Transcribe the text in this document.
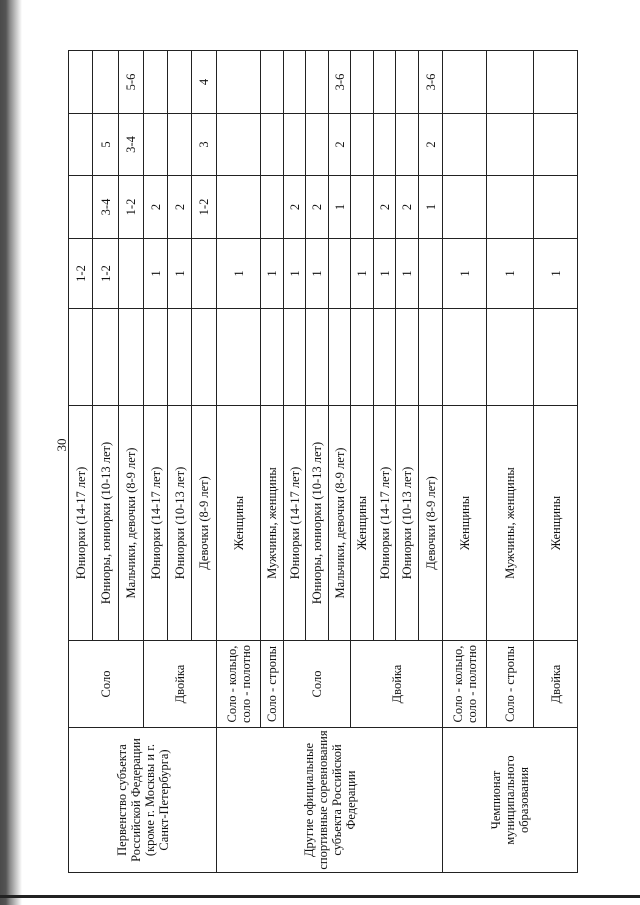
30
Первенство субъекта Российской Федерации (кроме г. Москвы и г. Санкт-Петербурга)	Соло	Юниорки (14-17 лет)		1-2			
		Юниоры, юниорки (10-13 лет)		1-2	3-4	5	
		Мальчики, девочки (8-9 лет)			1-2	3-4	5-6
	Двойка	Юниорки (14-17 лет)		1	2		
		Юниорки (10-13 лет)		1	2		
		Девочки (8-9 лет)			1-2	3	4
Другие официальные спортивные соревнования субъекта Российской Федерации	Соло - кольцо, соло - полотно	Женщины		1			
	Соло - стропы	Мужчины, женщины		1			
	Соло	Юниорки (14-17 лет)		1	2		
		Юниоры, юниорки (10-13 лет)		1	2		
		Мальчики, девочки (8-9 лет)			1	2	3-6
	Двойка	Женщины		1			
		Юниорки (14-17 лет)		1	2		
		Юниорки (10-13 лет)		1	2		
		Девочки (8-9 лет)			1	2	3-6
Чемпионат муниципального образования	Соло - кольцо, соло - полотно	Женщины		1			
	Соло - стропы	Мужчины, женщины		1			
	Двойка	Женщины		1			
